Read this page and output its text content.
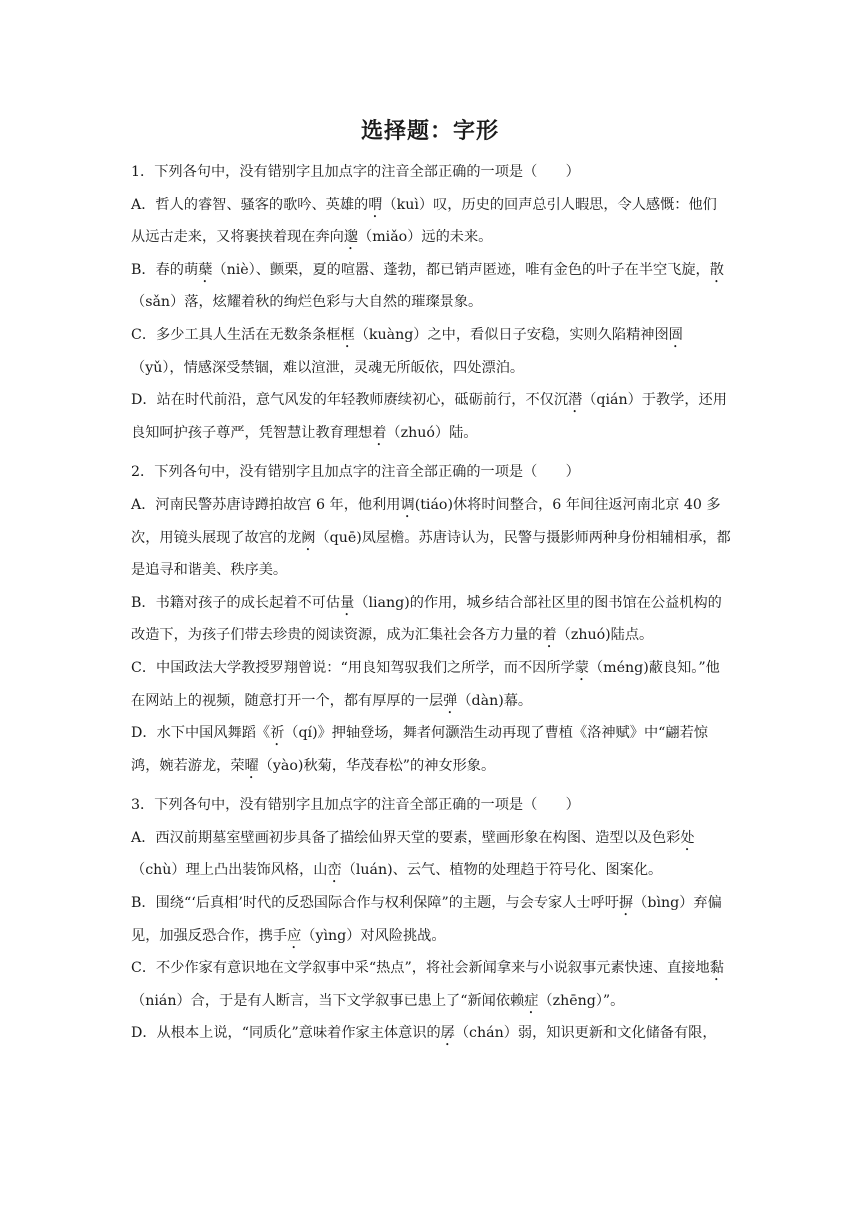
选择题：字形

1．下列各句中，没有错别字且加点字的注音全部正确的一项是（　　）

A．哲人的睿智、骚客的歌吟、英雄的喟（kuì）叹，历史的回声总引人暇思，令人感慨：他们从远古走来，又将裹挟着现在奔向邈（miǎo）远的未来。

B．春的萌蘖（niè）、颤栗，夏的喧嚣、蓬勃，都已销声匿迹，唯有金色的叶子在半空飞旋，散（sǎn）落，炫耀着秋的绚烂色彩与大自然的璀璨景象。

C．多少工具人生活在无数条条框框（kuàng）之中，看似日子安稳，实则久陷精神囹圄（yǔ），情感深受禁锢，难以渲泄，灵魂无所皈依，四处漂泊。

D．站在时代前沿，意气风发的年轻教师赓续初心，砥砺前行，不仅沉潜（qián）于教学，还用良知呵护孩子尊严，凭智慧让教育理想着（zhuó）陆。

2．下列各句中，没有错别字且加点字的注音全部正确的一项是（　　）

A．河南民警苏唐诗蹲拍故宫 6 年，他利用调(tiáo)休将时间整合，6 年间往返河南北京 40 多次，用镜头展现了故宫的龙阙（quē)凤屋檐。苏唐诗认为，民警与摄影师两种身份相辅相承，都是追寻和谐美、秩序美。

B．书籍对孩子的成长起着不可估量（liang)的作用，城乡结合部社区里的图书馆在公益机构的改造下，为孩子们带去珍贵的阅读资源，成为汇集社会各方力量的着（zhuó)陆点。

C．中国政法大学教授罗翔曾说：“用良知驾驭我们之所学，而不因所学蒙（méng)蔽良知。”他在网站上的视频，随意打开一个，都有厚厚的一层弹（dàn)幕。

D．水下中国风舞蹈《祈（qí)》押轴登场，舞者何灏浩生动再现了曹植《洛神赋》中“翩若惊鸿，婉若游龙，荣曜（yào)秋菊，华茂春松”的神女形象。

3．下列各句中，没有错别字且加点字的注音全部正确的一项是（　　）

A．西汉前期墓室壁画初步具备了描绘仙界天堂的要素，壁画形象在构图、造型以及色彩处（chù）理上凸出装饰风格，山峦（luán)、云气、植物的处理趋于符号化、图案化。

B．围绕“‘后真相’时代的反恐国际合作与权利保障”的主题，与会专家人士呼吁摒（bìng）弃偏见，加强反恐合作，携手应（yìng）对风险挑战。

C．不少作家有意识地在文学叙事中采“热点”，将社会新闻拿来与小说叙事元素快速、直接地黏（nián）合，于是有人断言，当下文学叙事已患上了“新闻依赖症（zhēng）”。

D．从根本上说，“同质化”意味着作家主体意识的孱（chán）弱，知识更新和文化储备有限，
